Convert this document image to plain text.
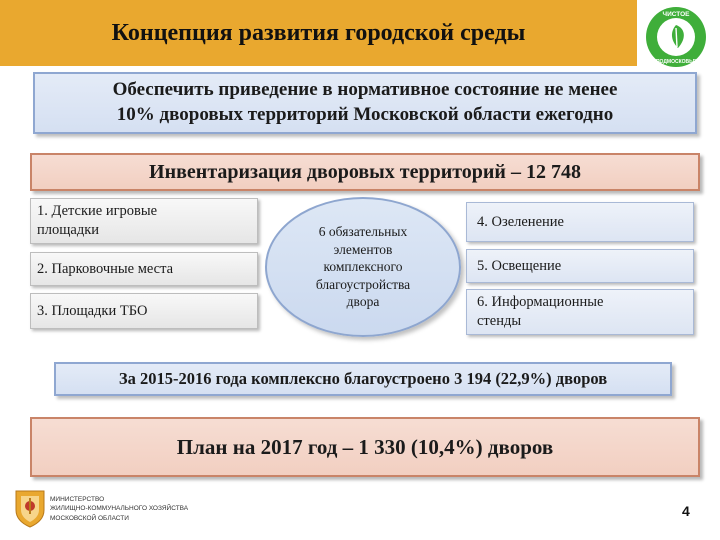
Концепция развития городской среды
ЧИСТОЕ
ПОДМОСКОВЬЕ
Обеспечить приведение в нормативное состояние не менее
10% дворовых территорий Московской области ежегодно
Инвентаризация дворовых территорий – 12 748
1. Детские игровые
площадки
2. Парковочные места
3. Площадки ТБО
6 обязательных
элементов
комплексного
благоустройства
двора
4. Озеленение
5. Освещение
6. Информационные
стенды
За 2015-2016 года комплексно благоустроено 3 194 (22,9%) дворов
План на 2017 год – 1 330 (10,4%) дворов
МИНИСТЕРСТВО
ЖИЛИЩНО-КОММУНАЛЬНОГО ХОЗЯЙСТВА
МОСКОВСКОЙ ОБЛАСТИ	4
